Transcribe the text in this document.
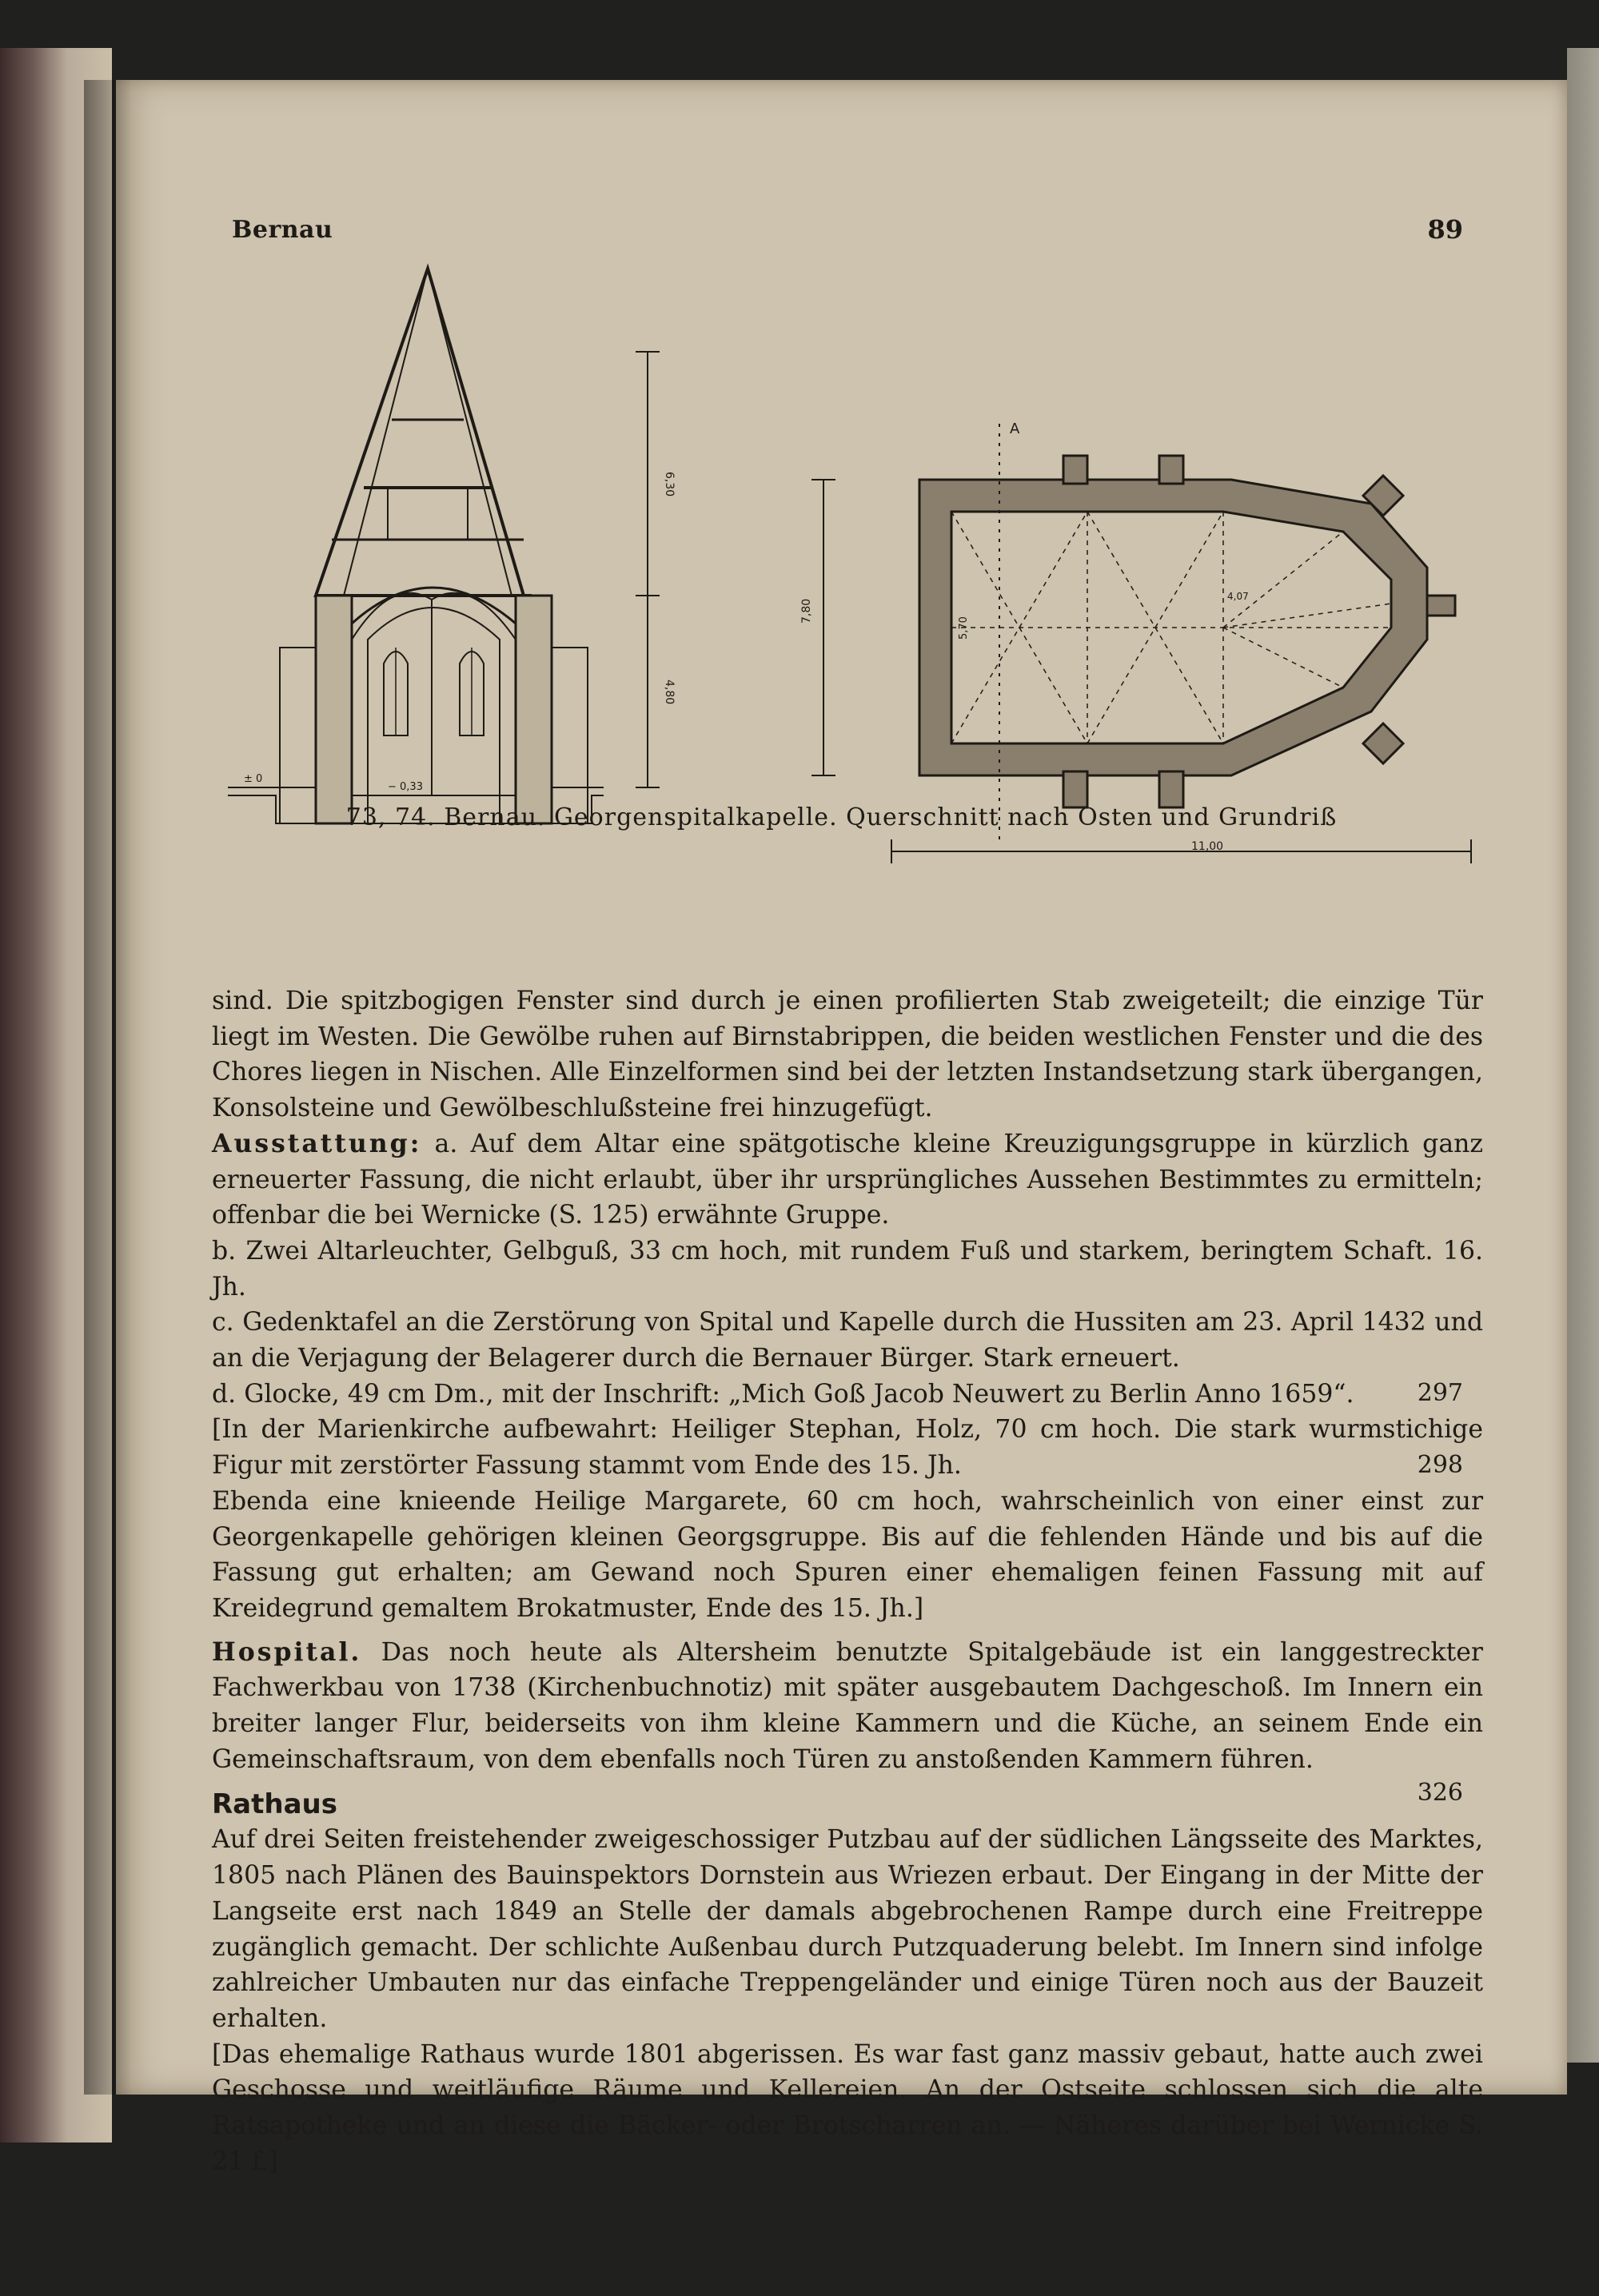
Bernau	89
6,30
4,80
± 0
− 0,33
A
11,00
7,80
5,70
4,07
73, 74. Bernau. Georgenspitalkapelle. Querschnitt nach Osten und Grundriß

sind. Die spitzbogigen Fenster sind durch je einen profilierten Stab zweigeteilt; die einzige Tür liegt im Westen. Die Gewölbe ruhen auf Birnstabrippen, die beiden westlichen Fenster und die des Chores liegen in Nischen. Alle Einzelformen sind bei der letzten Instandsetzung stark übergangen, Konsolsteine und Gewölbeschlußsteine frei hinzugefügt.

Ausstattung: a. Auf dem Altar eine spätgotische kleine Kreuzigungsgruppe in kürzlich ganz erneuerter Fassung, die nicht erlaubt, über ihr ursprüngliches Aussehen Bestimmtes zu ermitteln; offenbar die bei Wernicke (S. 125) erwähnte Gruppe.

b. Zwei Altarleuchter, Gelbguß, 33 cm hoch, mit rundem Fuß und starkem, beringtem Schaft. 16. Jh.

c. Gedenktafel an die Zerstörung von Spital und Kapelle durch die Hussiten am 23. April 1432 und an die Verjagung der Belagerer durch die Bernauer Bürger. Stark erneuert.

d. Glocke, 49 cm Dm., mit der Inschrift: „Mich Goß Jacob Neuwert zu Berlin Anno 1659“.

[In der Marienkirche aufbewahrt: Heiliger Stephan, Holz, 70 cm hoch. Die stark wurmstichige Figur mit zerstörter Fassung stammt vom Ende des 15. Jh.

Ebenda eine knieende Heilige Margarete, 60 cm hoch, wahrscheinlich von einer einst zur Georgenkapelle gehörigen kleinen Georgsgruppe. Bis auf die fehlenden Hände und bis auf die Fassung gut erhalten; am Gewand noch Spuren einer ehemaligen feinen Fassung mit auf Kreidegrund gemaltem Brokatmuster, Ende des 15. Jh.]

Hospital. Das noch heute als Altersheim benutzte Spitalgebäude ist ein langgestreckter Fachwerkbau von 1738 (Kirchenbuchnotiz) mit später ausgebautem Dachgeschoß. Im Innern ein breiter langer Flur, beiderseits von ihm kleine Kammern und die Küche, an seinem Ende ein Gemeinschaftsraum, von dem ebenfalls noch Türen zu anstoßenden Kammern führen.

Rathaus

Auf drei Seiten freistehender zweigeschossiger Putzbau auf der südlichen Längsseite des Marktes, 1805 nach Plänen des Bauinspektors Dornstein aus Wriezen erbaut. Der Eingang in der Mitte der Langseite erst nach 1849 an Stelle der damals abgebrochenen Rampe durch eine Freitreppe zugänglich gemacht. Der schlichte Außenbau durch Putzquaderung belebt. Im Innern sind infolge zahlreicher Umbauten nur das einfache Treppengeländer und einige Türen noch aus der Bauzeit erhalten.

[Das ehemalige Rathaus wurde 1801 abgerissen. Es war fast ganz massiv gebaut, hatte auch zwei Geschosse und weitläufige Räume und Kellereien. An der Ostseite schlossen sich die alte Ratsapotheke und an diese die Bäcker- oder Brotscharren an. — Näheres darüber bei Wernicke S. 21 f.]

297
298
326
